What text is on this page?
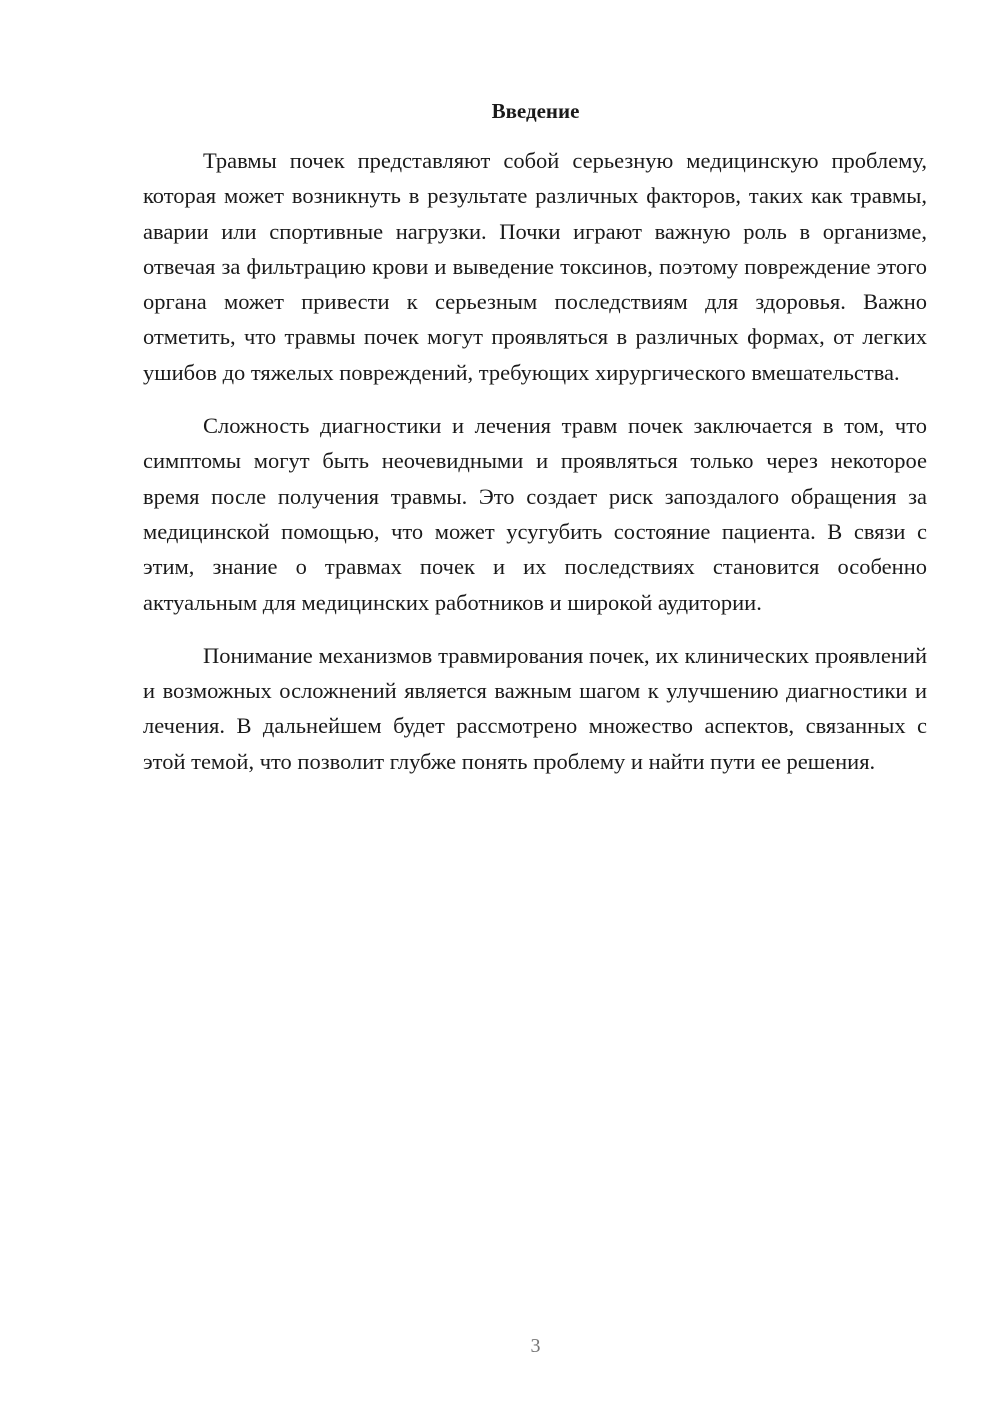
Введение

Травмы почек представляют собой серьезную медицинскую проблему, которая может возникнуть в результате различных факторов, таких как травмы, аварии или спортивные нагрузки. Почки играют важную роль в организме, отвечая за фильтрацию крови и выведение токсинов, поэтому повреждение этого органа может привести к серьезным последствиям для здоровья. Важно отметить, что травмы почек могут проявляться в различных формах, от легких ушибов до тяжелых повреждений, требующих хирургического вмешательства.

Сложность диагностики и лечения травм почек заключается в том, что симптомы могут быть неочевидными и проявляться только через некоторое время после получения травмы. Это создает риск запоздалого обращения за медицинской помощью, что может усугубить состояние пациента. В связи с этим, знание о травмах почек и их последствиях становится особенно актуальным для медицинских работников и широкой аудитории.

Понимание механизмов травмирования почек, их клинических проявлений и возможных осложнений является важным шагом к улучшению диагностики и лечения. В дальнейшем будет рассмотрено множество аспектов, связанных с этой темой, что позволит глубже понять проблему и найти пути ее решения.

3
